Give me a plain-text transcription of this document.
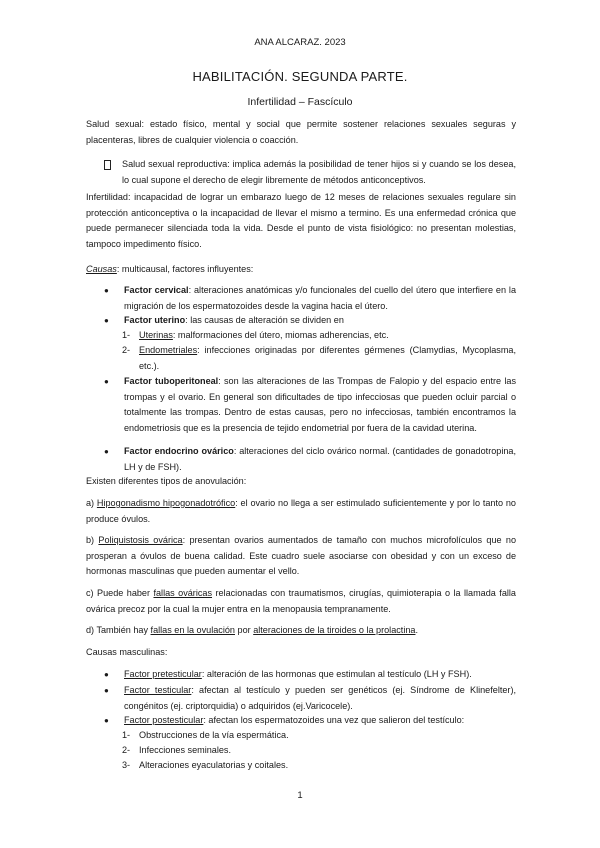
ANA ALCARAZ. 2023
HABILITACIÓN. SEGUNDA PARTE.
Infertilidad – Fascículo
Salud sexual: estado físico, mental y social que permite sostener relaciones sexuales seguras y placenteras, libres de cualquier violencia o coacción.
Salud sexual reproductiva: implica además la posibilidad de tener hijos si y cuando se los desea, lo cual supone el derecho de elegir libremente de métodos anticonceptivos.
Infertilidad: incapacidad de lograr un embarazo luego de 12 meses de relaciones sexuales regulare sin protección anticonceptiva o la incapacidad de llevar el mismo a termino. Es una enfermedad crónica que puede permanecer silenciada toda la vida. Desde el punto de vista fisiológico: no presentan molestias, tampoco impedimento físico.
Causas: multicausal, factores influyentes:
● Factor cervical: alteraciones anatómicas y/o funcionales del cuello del útero que interfiere en la migración de los espermatozoides desde la vagina hacia el útero.
● Factor uterino: las causas de alteración se dividen en
1- Uterinas: malformaciones del útero, miomas adherencias, etc.
2- Endometriales: infecciones originadas por diferentes gérmenes (Clamydias, Mycoplasma, etc.).
● Factor tuboperitoneal: son las alteraciones de las Trompas de Falopio y del espacio entre las trompas y el ovario. En general son dificultades de tipo infecciosas que pueden ocluir parcial o totalmente las trompas. Dentro de estas causas, pero no infecciosas, también encontramos la endometriosis que es la presencia de tejido endometrial por fuera de la cavidad uterina.
● Factor endocrino ovárico: alteraciones del ciclo ovárico normal. (cantidades de gonadotropina, LH y de FSH).
Existen diferentes tipos de anovulación:
a) Hipogonadismo hipogonadotrófico: el ovario no llega a ser estimulado suficientemente y por lo tanto no produce óvulos.
b) Poliquistosis ovárica: presentan ovarios aumentados de tamaño con muchos microfolículos que no prosperan a óvulos de buena calidad. Este cuadro suele asociarse con obesidad y con un exceso de hormonas masculinas que pueden aumentar el vello.
c) Puede haber fallas ováricas relacionadas con traumatismos, cirugías, quimioterapia o la llamada falla ovárica precoz por la cual la mujer entra en la menopausia tempranamente.
d) También hay fallas en la ovulación por alteraciones de la tiroides o la prolactina.
Causas masculinas:
● Factor pretesticular: alteración de las hormonas que estimulan al testículo (LH y FSH).
● Factor testicular: afectan al testículo y pueden ser genéticos (ej. Síndrome de Klinefelter), congénitos (ej. criptorquidia) o adquiridos (ej.Varicocele).
● Factor postesticular: afectan los espermatozoides una vez que salieron del testículo:
1- Obstrucciones de la vía espermática.
2- Infecciones seminales.
3- Alteraciones eyaculatorias y coitales.
1
